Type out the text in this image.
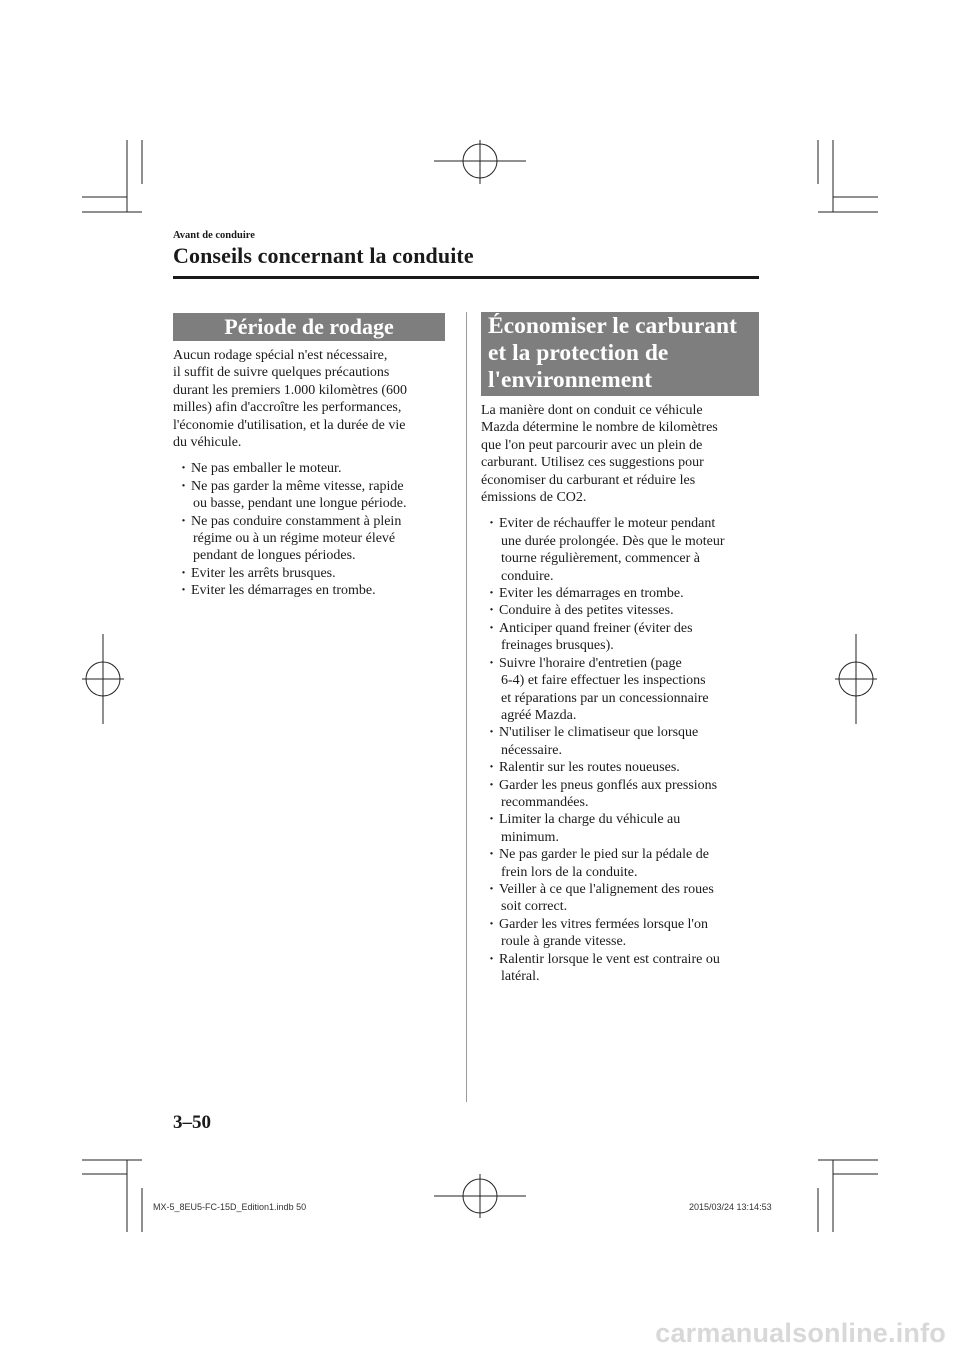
Avant de conduire
Conseils concernant la conduite
Période de rodage
Aucun rodage spécial n'est nécessaire,
il suffit de suivre quelques précautions
durant les premiers 1.000 kilomètres (600
milles) afin d'accroître les performances,
l'économie d'utilisation, et la durée de vie
du véhicule.
· Ne pas emballer le moteur.
· Ne pas garder la même vitesse, rapide
ou basse, pendant une longue période.
· Ne pas conduire constamment à plein
régime ou à un régime moteur élevé
pendant de longues périodes.
· Eviter les arrêts brusques.
· Eviter les démarrages en trombe.
Économiser le carburant
et la protection de
l'environnement
La manière dont on conduit ce véhicule
Mazda détermine le nombre de kilomètres
que l'on peut parcourir avec un plein de
carburant. Utilisez ces suggestions pour
économiser du carburant et réduire les
émissions de CO2.
· Eviter de réchauffer le moteur pendant
une durée prolongée. Dès que le moteur
tourne régulièrement, commencer à
conduire.
· Eviter les démarrages en trombe.
· Conduire à des petites vitesses.
· Anticiper quand freiner (éviter des
freinages brusques).
· Suivre l'horaire d'entretien (page
6-4) et faire effectuer les inspections
et réparations par un concessionnaire
agréé Mazda.
· N'utiliser le climatiseur que lorsque
nécessaire.
· Ralentir sur les routes noueuses.
· Garder les pneus gonflés aux pressions
recommandées.
· Limiter la charge du véhicule au
minimum.
· Ne pas garder le pied sur la pédale de
frein lors de la conduite.
· Veiller à ce que l'alignement des roues
soit correct.
· Garder les vitres fermées lorsque l'on
roule à grande vitesse.
· Ralentir lorsque le vent est contraire ou
latéral.
3–50
MX-5_8EU5-FC-15D_Edition1.indb 50	2015/03/24 13:14:53
carmanualsonline.info
